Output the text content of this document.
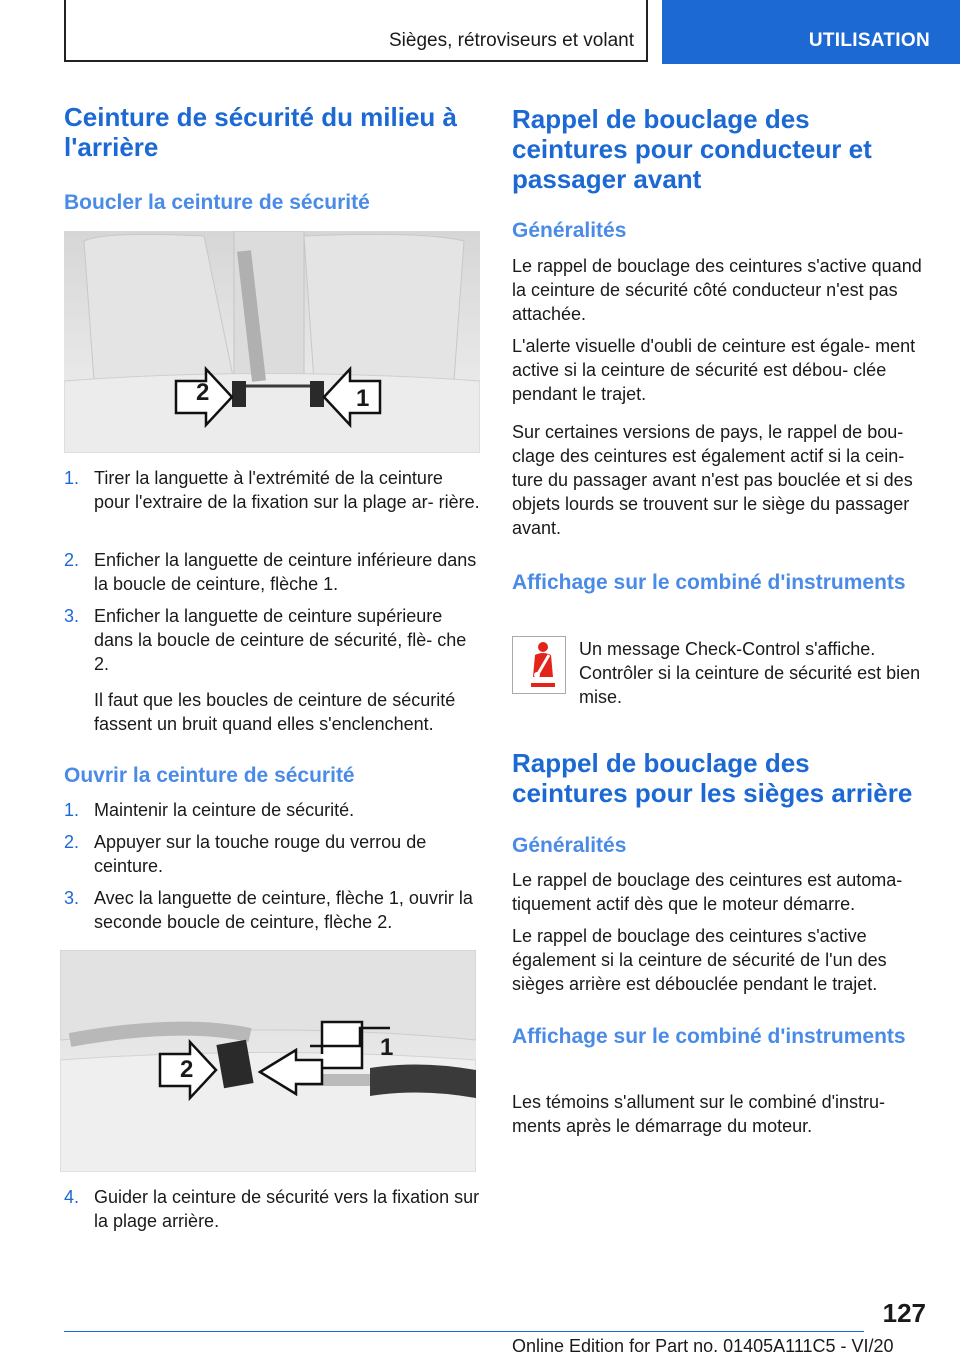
Sièges, rétroviseurs et volant	UTILISATION
Ceinture de sécurité du milieu à l'arrière
Boucler la ceinture de sécurité
2	1
1. Tirer la languette à l'extrémité de la ceinture pour l'extraire de la fixation sur la plage ar‐ rière.
2. Enficher la languette de ceinture inférieure dans la boucle de ceinture, flèche 1.
3. Enficher la languette de ceinture supérieure dans la boucle de ceinture de sécurité, flè‐ che 2.
Il faut que les boucles de ceinture de sécurité fassent un bruit quand elles s'enclenchent.
Ouvrir la ceinture de sécurité
1. Maintenir la ceinture de sécurité.
2. Appuyer sur la touche rouge du verrou de ceinture.
3. Avec la languette de ceinture, flèche 1, ouvrir la seconde boucle de ceinture, flèche 2.
2
1
4. Guider la ceinture de sécurité vers la fixation sur la plage arrière.
Rappel de bouclage des ceintures pour conducteur et passager avant
Généralités
Le rappel de bouclage des ceintures s'active quand la ceinture de sécurité côté conducteur n'est pas attachée.
L'alerte visuelle d'oubli de ceinture est égale‐ ment active si la ceinture de sécurité est débou‐ clée pendant le trajet.
Sur certaines versions de pays, le rappel de bou‐ clage des ceintures est également actif si la cein‐ ture du passager avant n'est pas bouclée et si des objets lourds se trouvent sur le siège du passager avant.
Affichage sur le combiné d'instruments
Un message Check-Control s'affiche. Contrôler si la ceinture de sécurité est bien mise.
Rappel de bouclage des ceintures pour les sièges arrière
Généralités
Le rappel de bouclage des ceintures est automa‐ tiquement actif dès que le moteur démarre.
Le rappel de bouclage des ceintures s'active également si la ceinture de sécurité de l'un des sièges arrière est débouclée pendant le trajet.
Affichage sur le combiné d'instruments
Les témoins s'allument sur le combiné d'instru‐ ments après le démarrage du moteur.
127
Online Edition for Part no. 01405A111C5 - VI/20
